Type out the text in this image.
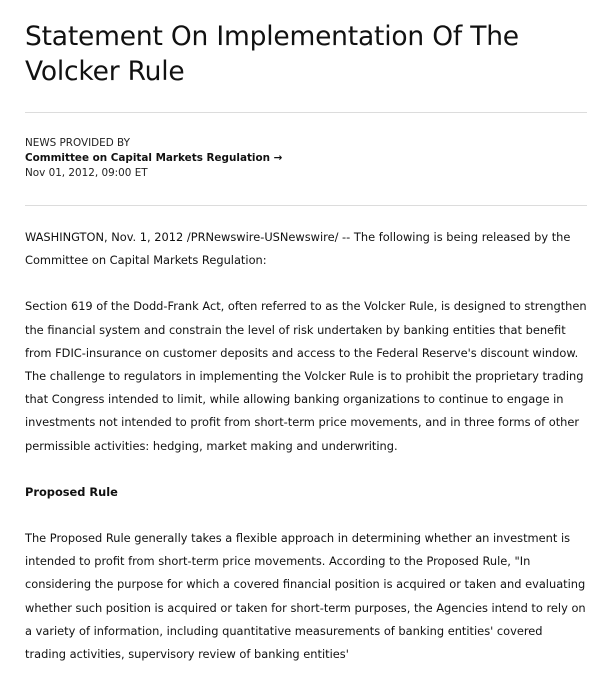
Statement On Implementation Of The Volcker Rule
NEWS PROVIDED BY
Committee on Capital Markets Regulation →
Nov 01, 2012, 09:00 ET

WASHINGTON, Nov. 1, 2012 /PRNewswire-USNewswire/ -- The following is being released by the Committee on Capital Markets Regulation:

Section 619 of the Dodd-Frank Act, often referred to as the Volcker Rule, is designed to strengthen the financial system and constrain the level of risk undertaken by banking entities that benefit from FDIC-insurance on customer deposits and access to the Federal Reserve's discount window. The challenge to regulators in implementing the Volcker Rule is to prohibit the proprietary trading that Congress intended to limit, while allowing banking organizations to continue to engage in investments not intended to profit from short-term price movements, and in three forms of other permissible activities: hedging, market making and underwriting.

Proposed Rule

The Proposed Rule generally takes a flexible approach in determining whether an investment is intended to profit from short-term price movements. According to the Proposed Rule, "In considering the purpose for which a covered financial position is acquired or taken and evaluating whether such position is acquired or taken for short-term purposes, the Agencies intend to rely on a variety of information, including quantitative measurements of banking entities' covered trading activities, supervisory review of banking entities'
